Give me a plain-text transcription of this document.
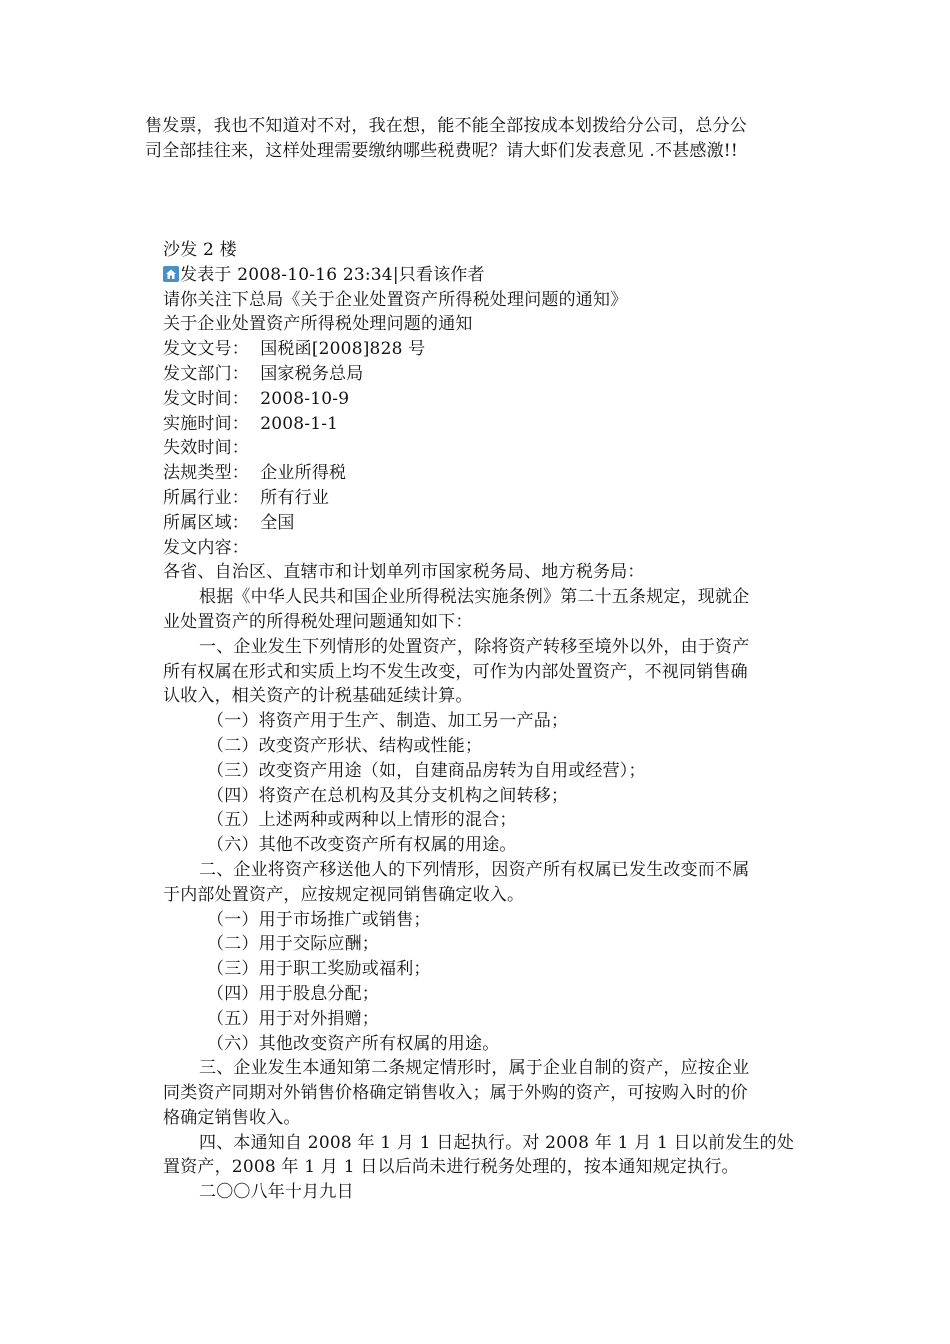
售发票，我也不知道对不对，我在想，能不能全部按成本划拨给分公司，总分公
司全部挂往来，这样处理需要缴纳哪些税费呢？请大虾们发表意见 .不甚感激!!
沙发 2 楼
发表于 2008-10-16 23:34|只看该作者
请你关注下总局《关于企业处置资产所得税处理问题的通知》
关于企业处置资产所得税处理问题的通知
发文文号： 国税函[2008]828 号
发文部门： 国家税务总局
发文时间： 2008-10-9
实施时间： 2008-1-1
失效时间：
法规类型： 企业所得税
所属行业： 所有行业
所属区域： 全国
发文内容：
各省、自治区、直辖市和计划单列市国家税务局、地方税务局：
根据《中华人民共和国企业所得税法实施条例》第二十五条规定，现就企
业处置资产的所得税处理问题通知如下：
一、企业发生下列情形的处置资产，除将资产转移至境外以外，由于资产
所有权属在形式和实质上均不发生改变，可作为内部处置资产，不视同销售确
认收入，相关资产的计税基础延续计算。
（一）将资产用于生产、制造、加工另一产品；
（二）改变资产形状、结构或性能；
（三）改变资产用途（如，自建商品房转为自用或经营）；
（四）将资产在总机构及其分支机构之间转移；
（五）上述两种或两种以上情形的混合；
（六）其他不改变资产所有权属的用途。
二、企业将资产移送他人的下列情形，因资产所有权属已发生改变而不属
于内部处置资产，应按规定视同销售确定收入。
（一）用于市场推广或销售；
（二）用于交际应酬；
（三）用于职工奖励或福利；
（四）用于股息分配；
（五）用于对外捐赠；
（六）其他改变资产所有权属的用途。
三、企业发生本通知第二条规定情形时，属于企业自制的资产，应按企业
同类资产同期对外销售价格确定销售收入；属于外购的资产，可按购入时的价
格确定销售收入。
四、本通知自 2008 年 1 月 1 日起执行。对 2008 年 1 月 1 日以前发生的处
置资产，2008 年 1 月 1 日以后尚未进行税务处理的，按本通知规定执行。
二〇〇八年十月九日
